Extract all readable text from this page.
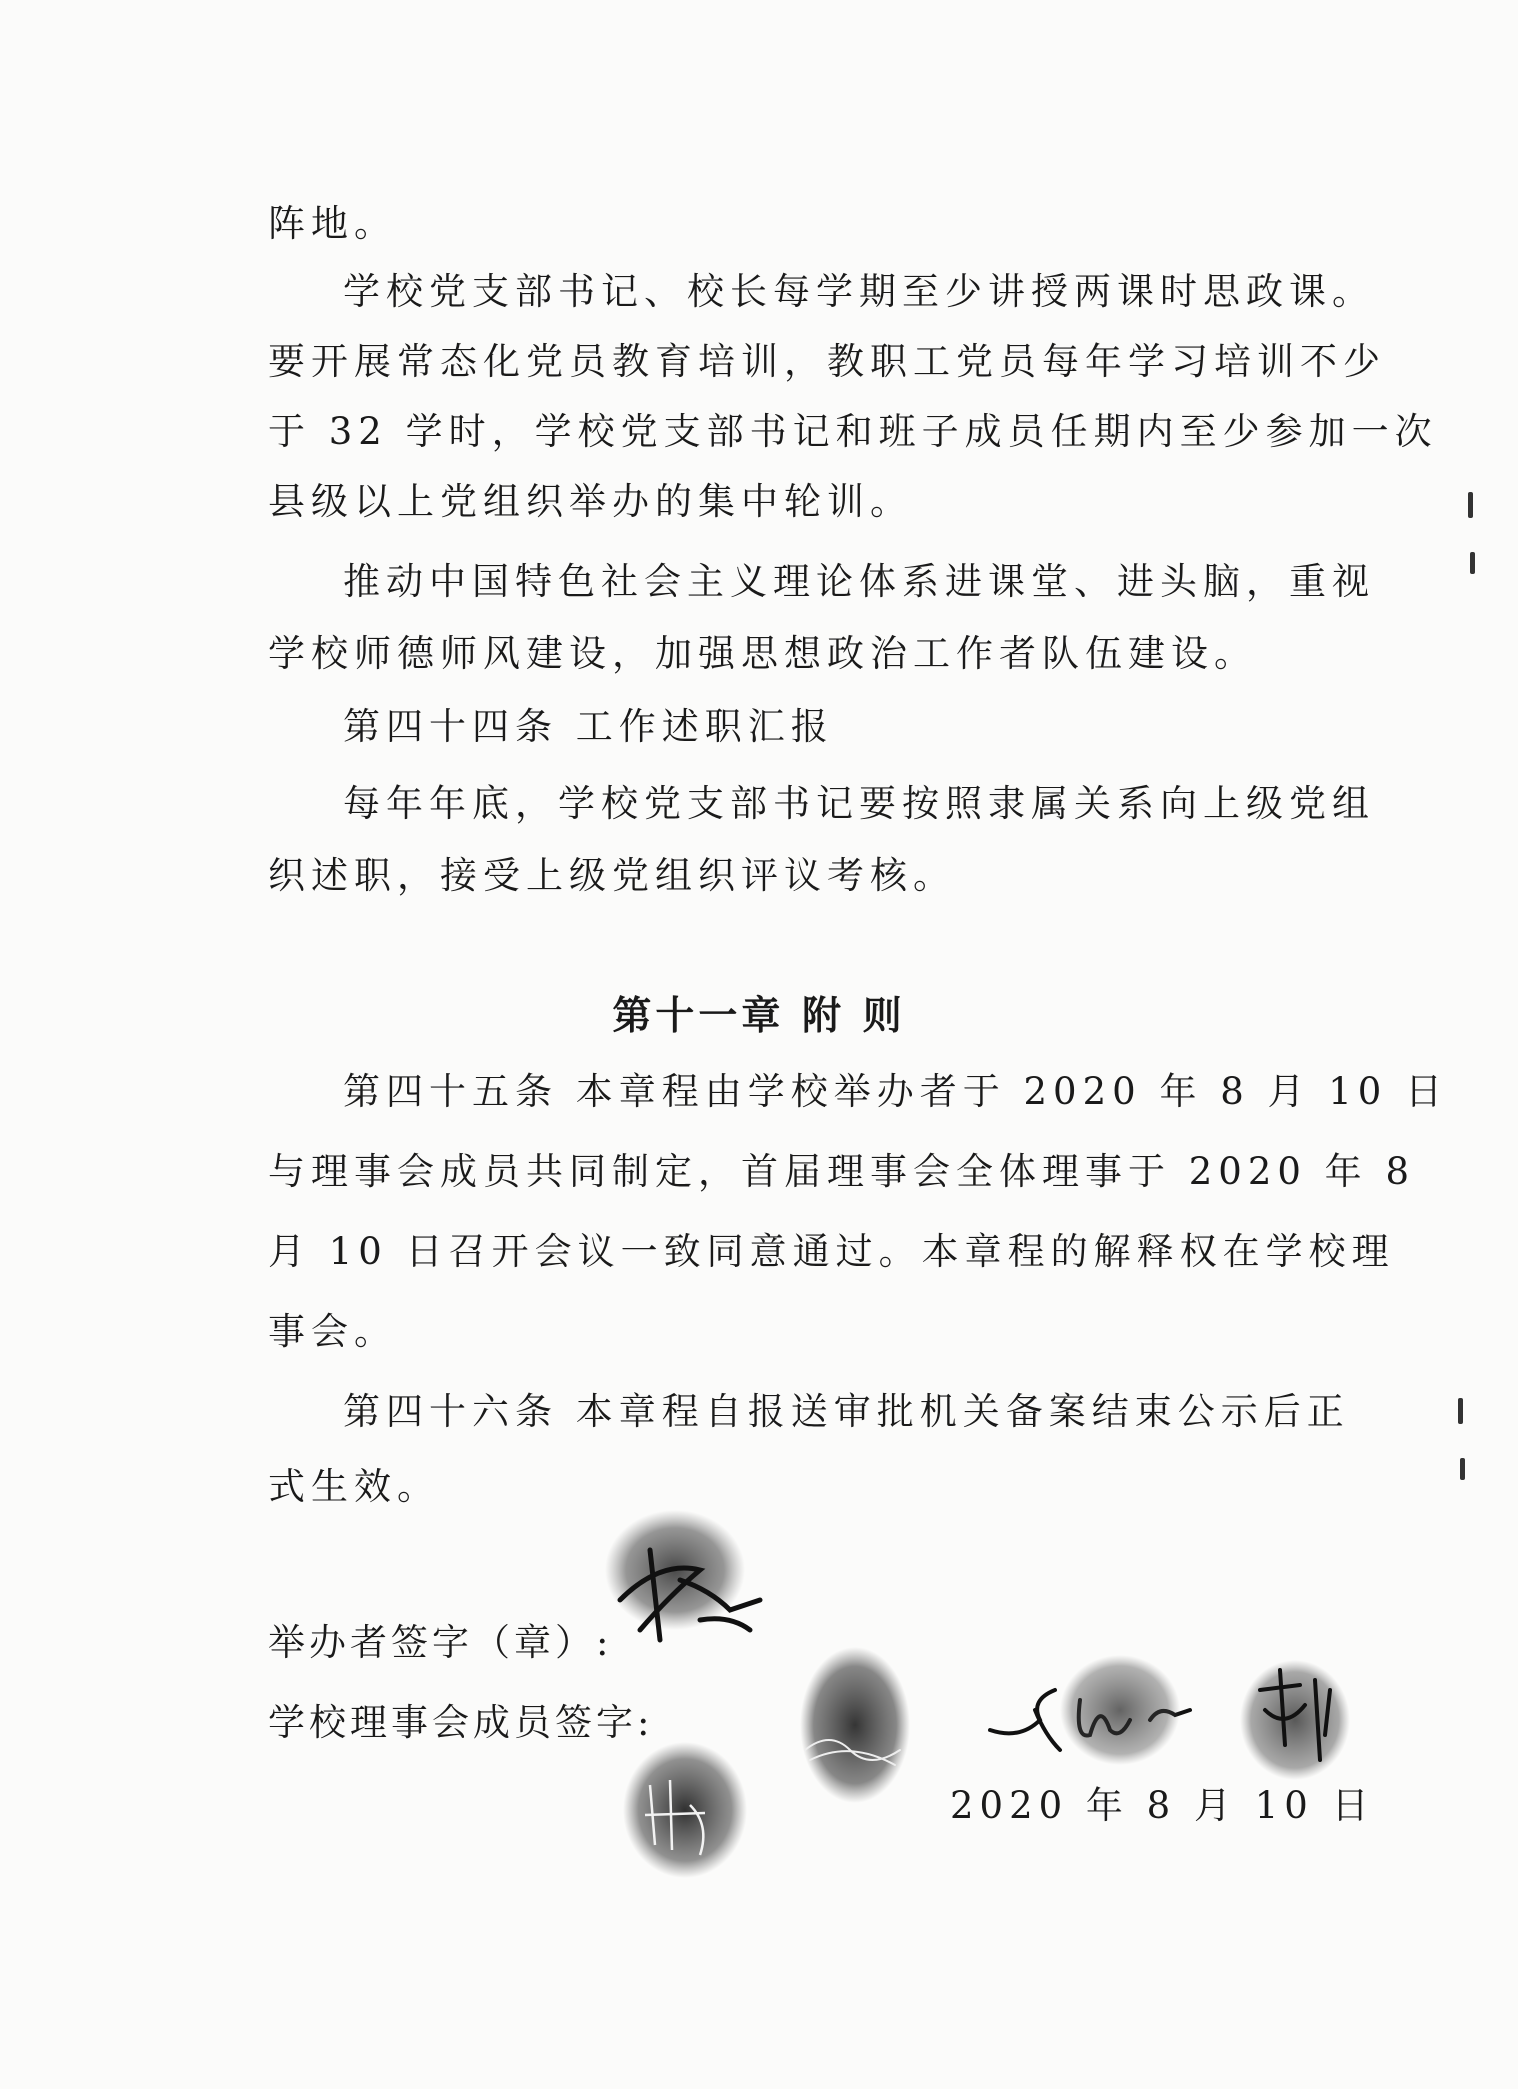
阵地。
学校党支部书记、校长每学期至少讲授两课时思政课。
要开展常态化党员教育培训，教职工党员每年学习培训不少
于 32 学时，学校党支部书记和班子成员任期内至少参加一次
县级以上党组织举办的集中轮训。
推动中国特色社会主义理论体系进课堂、进头脑，重视
学校师德师风建设，加强思想政治工作者队伍建设。
第四十四条 工作述职汇报
每年年底，学校党支部书记要按照隶属关系向上级党组
织述职，接受上级党组织评议考核。
第十一章 附 则
第四十五条 本章程由学校举办者于 2020 年 8 月 10 日
与理事会成员共同制定，首届理事会全体理事于 2020 年 8
月 10 日召开会议一致同意通过。本章程的解释权在学校理
事会。
第四十六条 本章程自报送审批机关备案结束公示后正
式生效。
举办者签字（章）:
学校理事会成员签字:
2020 年 8 月 10 日
